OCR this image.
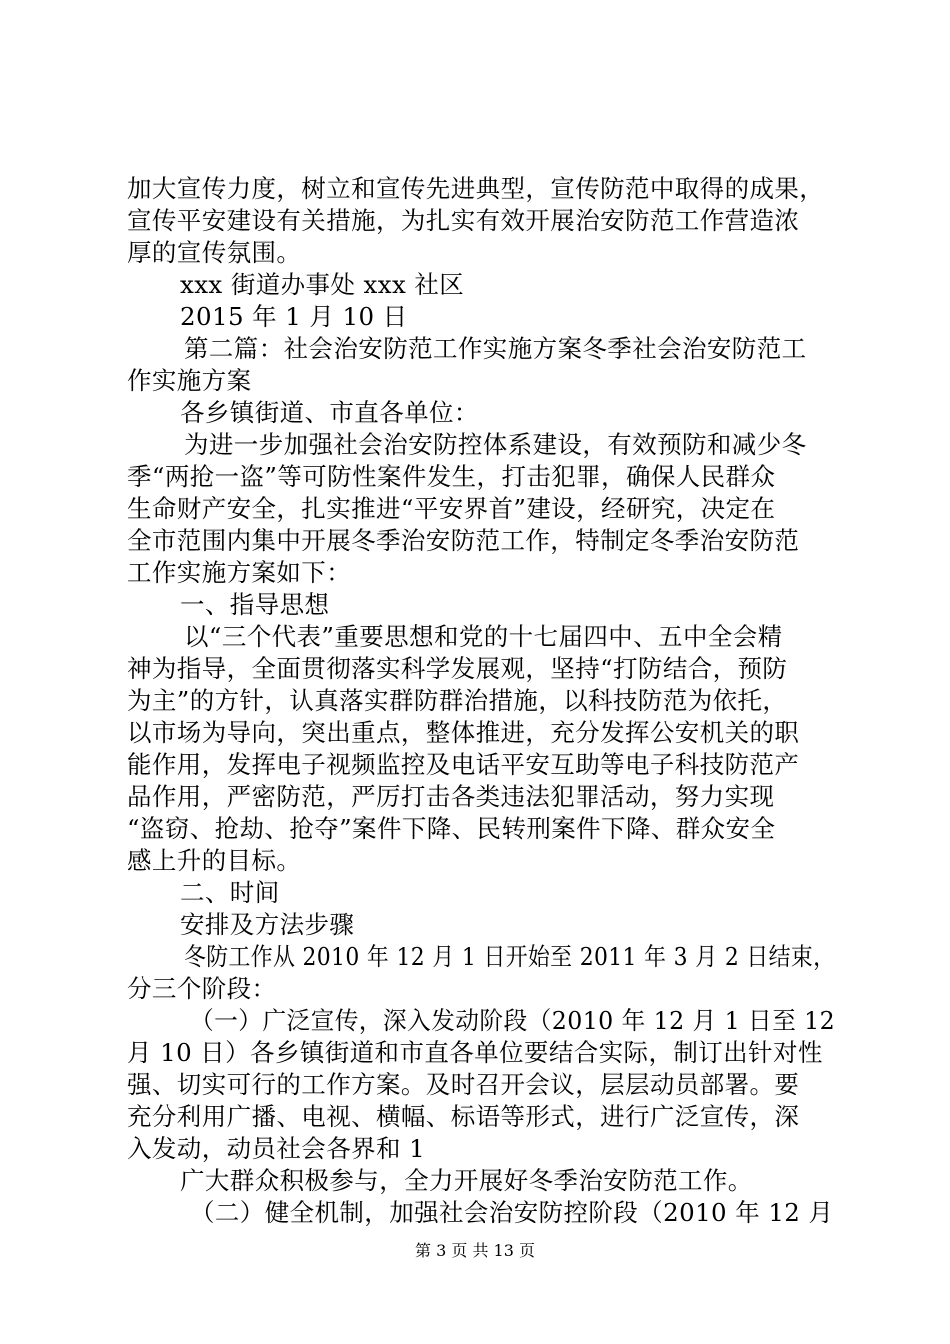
加大宣传力度，树立和宣传先进典型，宣传防范中取得的成果，
宣传平安建设有关措施，为扎实有效开展治安防范工作营造浓
厚的宣传氛围。
xxx 街道办事处 xxx 社区
2015 年 1 月 10 日
第二篇：社会治安防范工作实施方案冬季社会治安防范工
作实施方案
各乡镇街道、市直各单位：
为进一步加强社会治安防控体系建设，有效预防和减少冬
季“两抢一盗”等可防性案件发生，打击犯罪，确保人民群众
生命财产安全，扎实推进“平安界首”建设，经研究，决定在
全市范围内集中开展冬季治安防范工作，特制定冬季治安防范
工作实施方案如下：
一、指导思想
以“三个代表”重要思想和党的十七届四中、五中全会精
神为指导，全面贯彻落实科学发展观，坚持“打防结合，预防
为主”的方针，认真落实群防群治措施，以科技防范为依托，
以市场为导向，突出重点，整体推进，充分发挥公安机关的职
能作用，发挥电子视频监控及电话平安互助等电子科技防范产
品作用，严密防范，严厉打击各类违法犯罪活动，努力实现
“盗窃、抢劫、抢夺”案件下降、民转刑案件下降、群众安全
感上升的目标。
二、时间
安排及方法步骤
冬防工作从 2010 年 12 月 1 日开始至 2011 年 3 月 2 日结束，
分三个阶段：
（一）广泛宣传，深入发动阶段（2010 年 12 月 1 日至 12
月 10 日）各乡镇街道和市直各单位要结合实际，制订出针对性
强、切实可行的工作方案。及时召开会议，层层动员部署。要
充分利用广播、电视、横幅、标语等形式，进行广泛宣传，深
入发动，动员社会各界和 1
广大群众积极参与，全力开展好冬季治安防范工作。
（二）健全机制，加强社会治安防控阶段（2010 年 12 月
第 3 页 共 13 页
